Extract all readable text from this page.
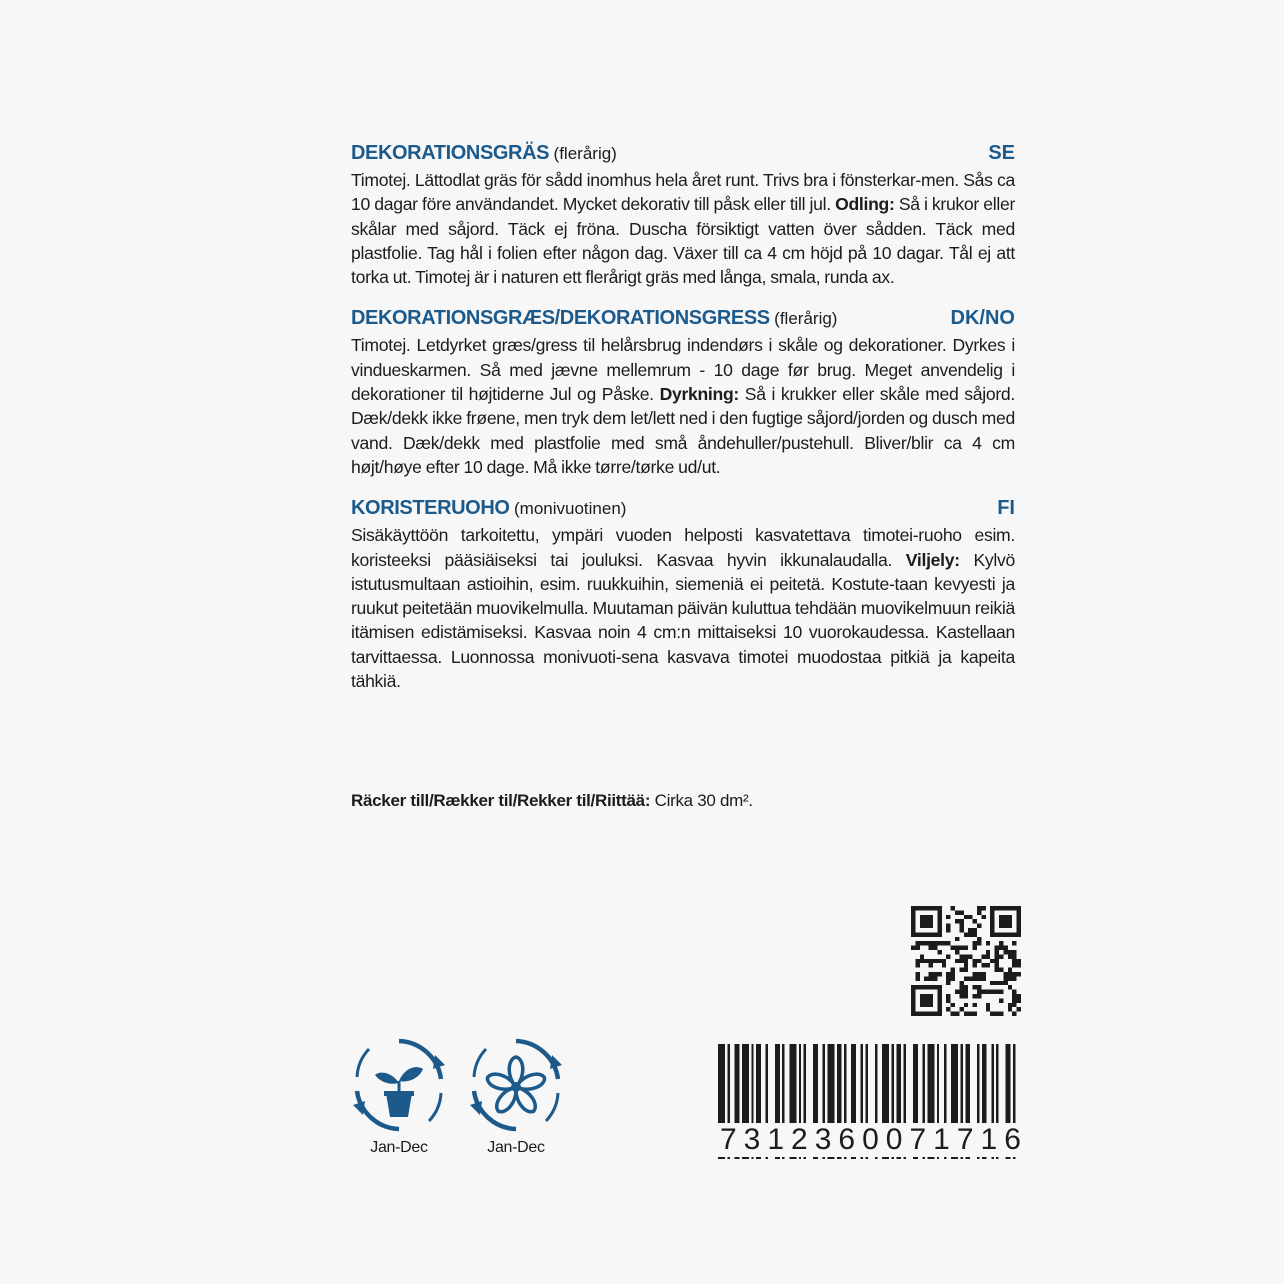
DEKORATIONSGRÄS (flerårig)	SE
Timotej. Lättodlat gräs för sådd inomhus hela året runt. Trivs bra i fönsterkar-men. Sås ca 10 dagar före användandet. Mycket dekorativ till påsk eller till jul. Odling: Så i krukor eller skålar med såjord. Täck ej fröna. Duscha försiktigt vatten över sådden. Täck med plastfolie. Tag hål i folien efter någon dag. Växer till ca 4 cm höjd på 10 dagar. Tål ej att torka ut. Timotej är i naturen ett flerårigt gräs med långa, smala, runda ax.
DEKORATIONSGRÆS/DEKORATIONSGRESS (flerårig)	DK/NO
Timotej. Letdyrket græs/gress til helårsbrug indendørs i skåle og dekorationer. Dyrkes i vindueskarmen. Så med jævne mellemrum - 10 dage før brug. Meget anvendelig i dekorationer til højtiderne Jul og Påske. Dyrkning: Så i krukker eller skåle med såjord. Dæk/dekk ikke frøene, men tryk dem let/lett ned i den fugtige såjord/jorden og dusch med vand. Dæk/dekk med plastfolie med små åndehuller/pustehull. Bliver/blir ca 4 cm højt/høye efter 10 dage. Må ikke tørre/tørke ud/ut.
KORISTERUOHO (monivuotinen)	FI
Sisäkäyttöön tarkoitettu, ympäri vuoden helposti kasvatettava timotei-ruoho esim. koristeeksi pääsiäiseksi tai jouluksi. Kasvaa hyvin ikkunalaudalla. Viljely: Kylvö istutusmultaan astioihin, esim. ruukkuihin, siemeniä ei peitetä. Kostute-taan kevyesti ja ruukut peitetään muovikelmulla. Muutaman päivän kuluttua tehdään muovikelmuun reikiä itämisen edistämiseksi. Kasvaa noin 4 cm:n mittaiseksi 10 vuorokaudessa. Kastellaan tarvittaessa. Luonnossa monivuoti-sena kasvava timotei muodostaa pitkiä ja kapeita tähkiä.
Räcker till/Rækker til/Rekker til/Riittää: Cirka 30 dm².
7312360071716
Jan-Dec	Jan-Dec
